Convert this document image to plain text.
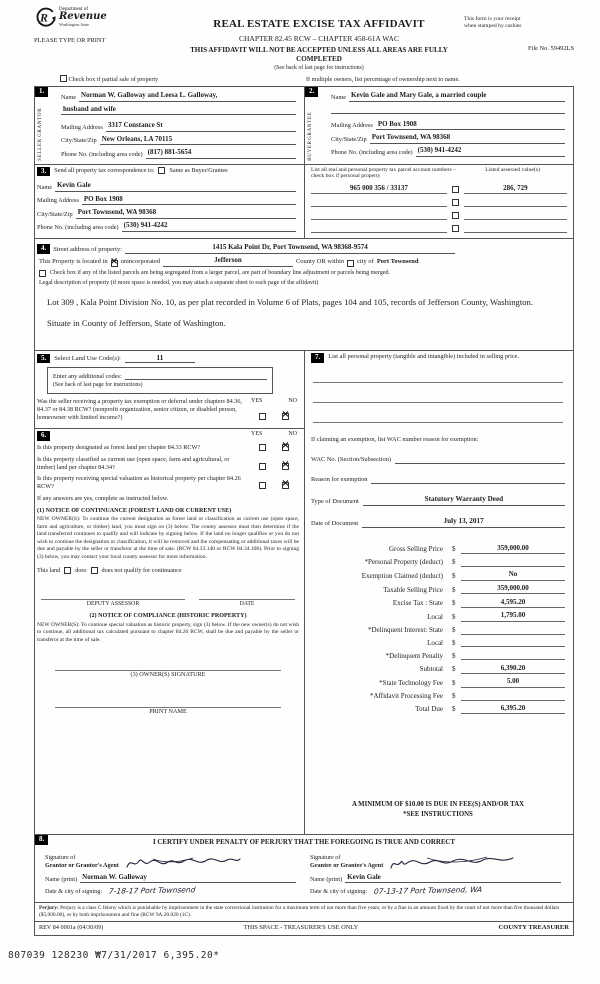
R
Department of
Revenue
Washington State
PLEASE TYPE OR PRINT
REAL ESTATE EXCISE TAX AFFIDAVIT
CHAPTER 82.45 RCW – CHAPTER 458-61A WAC
THIS AFFIDAVIT WILL NOT BE ACCEPTED UNLESS ALL AREAS ARE FULLY COMPLETED
(See back of last page for instructions)
This form is your receipt
when stamped by cashier.
File No. 59492LS
Check box if partial sale of property	If multiple owners, list percentage of ownership next to name.
1.
SELLER
GRANTOR
Name Norman W. Galloway and Leesa L. Galloway,
husband and wife
Mailing Address 3317 Constance St
City/State/Zip New Orleans, LA 70115
Phone No. (including area code) (817) 881-5654
2.
BUYER
GRANTEE
Name Kevin Gale and Mary Gale, a married couple
Mailing Address PO Box 1908
City/State/Zip Port Townsend, WA 98368
Phone No. (including area code) (530) 941-4242
3.	Send all property tax correspondence to: Same as Buyer/Grantee
Name Kevin Gale
Mailing Address PO Box 1908
City/State/Zip Port Townsend, WA 98368
Phone No. (including area code) (530) 941-4242
List all real and personal property tax parcel account numbers – check box if personal property
Listed assessed value(s)
965 000 356 / 33137	286, 729
4.	Street address of property:	1415 Kala Point Dr, Port Townsend, WA 98368-9574
This Property is located in × unincorporated	Jefferson	County OR within city of Port Townsend
Check box if any of the listed parcels are being segregated from a larger parcel, are part of boundary line adjustment or parcels being merged.
Legal description of property (if more space is needed, you may attach a separate sheet to each page of the affidavit)
Lot 309 , Kala Point Division No. 10, as per plat recorded in Volume 6 of Plats, pages 104 and 105, records of Jefferson County, Washington.
Situate in County of Jefferson, State of Washington.
5.	Select Land Use Code(s):	11
Enter any additional codes:
(See back of last page for instructions)
Was the seller receiving a property tax exemption or deferral under chapters 84.36, 84.37 or 84.38 RCW? (nonprofit organization, senior citizen, or disabled person, homeowner with limited income?)
YES	NO
×
6.	YES	NO
Is this property designated as forest land per chapter 84.33 RCW?
×
Is this property classified as current use (open space, farm and agricultural, or timber) land per chapter 84.34?
×
Is this property receiving special valuation as historical property per chapter 84.26 RCW?
×
If any answers are yes, complete as instructed below.
(1) NOTICE OF CONTINUANCE (FOREST LAND OR CURRENT USE)
NEW OWNER(S): To continue the current designation as forest land or classification as current use (open space, farm and agriculture, or timber) land, you must sign on (3) below. The county assessor must then determine if the land transferred continues to qualify and will indicate by signing below. If the land no longer qualifies or you do not wish to continue the designation or classification, it will be removed and the compensating or additional taxes will be due and payable by the seller or transferor at the time of sale. (RCW 84.33.140 or RCW 84.34.108). Prior to signing (3) below, you may contact your local county assessor for more information.
This land does does not qualify for continuance
DEPUTY ASSESSOR	DATE
(2) NOTICE OF COMPLIANCE (HISTORIC PROPERTY)
NEW OWNER(S): To continue special valuation as historic property, sign (3) below. If the new owner(s) do not wish to continue, all additional tax calculated pursuant to chapter 84.26 RCW, shall be due and payable by the seller or transferor at the time of sale.
(3) OWNER(S) SIGNATURE
PRINT NAME
7.	List all personal property (tangible and intangible) included in selling price.
If claiming an exemption, list WAC number reason for exemption:
WAC No. (Section/Subsection)
Reason for exemption
Type of Document	Statutory Warranty Deed
Date of Document	July 13, 2017
Gross Selling Price	$	359,000.00
*Personal Property (deduct)	$
Exemption Claimed (deduct)	$	No
Taxable Selling Price	$	359,000.00
Excise Tax : State	$	4,595.20
Local	$	1,795.00
*Delinquent Interest: State	$
Local	$
*Delinquent Penalty	$
Subtotal	$	6,390.20
*State Technology Fee	$	5.00
*Affidavit Processing Fee	$
Total Due	$	6,395.20
A MINIMUM OF $10.00 IS DUE IN FEE(S) AND/OR TAX
*SEE INSTRUCTIONS
8.	I CERTIFY UNDER PENALTY OF PERJURY THAT THE FOREGOING IS TRUE AND CORRECT
Signature of
Grantor or Grantor's Agent
Name (print) Norman W. Galloway
Date & city of signing: 7-18-17 Port Townsend
Signature of
Grantee or Grantee's Agent
Name (print) Kevin Gale
Date & city of signing: 07-13-17 Port Townsend, WA
Perjury: Perjury is a class C felony which is punishable by imprisonment in the state correctional institution for a maximum term of not more than five years, or by a fine in an amount fixed by the court of not more than five thousand dollars ($5,000.00), or by both imprisonment and fine (RCW 9A.20.020 (1C).
REV 84 0001a (04/30/09)	THIS SPACE - TREASURER'S USE ONLY	COUNTY TREASURER
807039 128230 ₩7/31/2017 6,395.20*
